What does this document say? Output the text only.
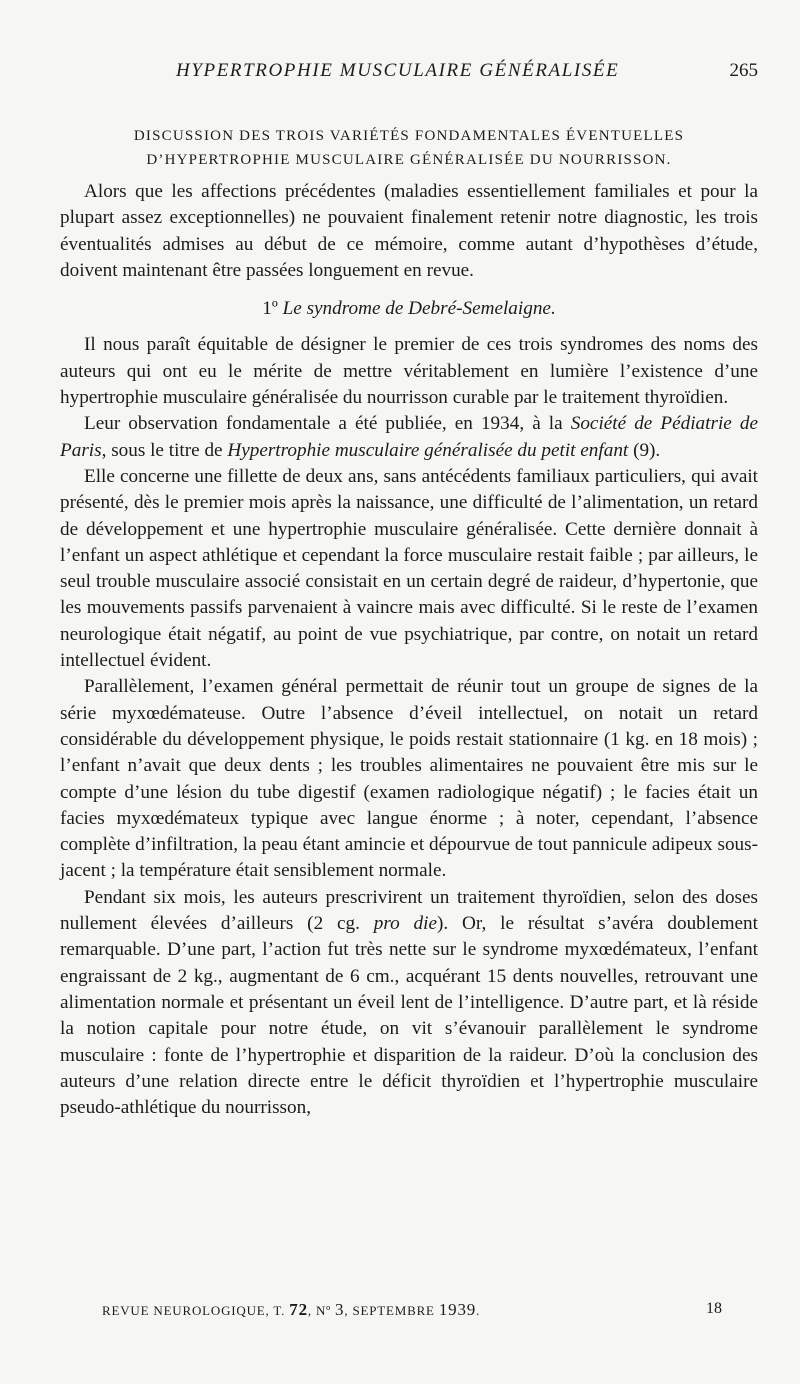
HYPERTROPHIE MUSCULAIRE GÉNÉRALISÉE	265
DISCUSSION DES TROIS VARIÉTÉS FONDAMENTALES ÉVENTUELLES
D’HYPERTROPHIE MUSCULAIRE GÉNÉRALISÉE DU NOURRISSON.

Alors que les affections précédentes (maladies essentiellement familiales et pour la plupart assez exceptionnelles) ne pouvaient finalement retenir notre diagnostic, les trois éventualités admises au début de ce mémoire, comme autant d’hypothèses d’étude, doivent maintenant être passées longuement en revue.

1º Le syndrome de Debré-Semelaigne.

Il nous paraît équitable de désigner le premier de ces trois syndromes des noms des auteurs qui ont eu le mérite de mettre véritablement en lumière l’existence d’une hypertrophie musculaire généralisée du nourrisson curable par le traitement thyroïdien.

Leur observation fondamentale a été publiée, en 1934, à la Société de Pédiatrie de Paris, sous le titre de Hypertrophie musculaire généralisée du petit enfant (9).

Elle concerne une fillette de deux ans, sans antécédents familiaux particuliers, qui avait présenté, dès le premier mois après la naissance, une difficulté de l’alimentation, un retard de développement et une hypertrophie musculaire généralisée. Cette dernière donnait à l’enfant un aspect athlétique et cependant la force musculaire restait faible ; par ailleurs, le seul trouble musculaire associé consistait en un certain degré de raideur, d’hypertonie, que les mouvements passifs parvenaient à vaincre mais avec difficulté. Si le reste de l’examen neurologique était négatif, au point de vue psychiatrique, par contre, on notait un retard intellectuel évident.

Parallèlement, l’examen général permettait de réunir tout un groupe de signes de la série myxœdémateuse. Outre l’absence d’éveil intellectuel, on notait un retard considérable du développement physique, le poids restait stationnaire (1 kg. en 18 mois) ; l’enfant n’avait que deux dents ; les troubles alimentaires ne pouvaient être mis sur le compte d’une lésion du tube digestif (examen radiologique négatif) ; le facies était un facies myxœdémateux typique avec langue énorme ; à noter, cependant, l’absence complète d’infiltration, la peau étant amincie et dépourvue de tout pannicule adipeux sous-jacent ; la température était sensiblement normale.

Pendant six mois, les auteurs prescrivirent un traitement thyroïdien, selon des doses nullement élevées d’ailleurs (2 cg. pro die). Or, le résultat s’avéra doublement remarquable. D’une part, l’action fut très nette sur le syndrome myxœdémateux, l’enfant engraissant de 2 kg., augmentant de 6 cm., acquérant 15 dents nouvelles, retrouvant une alimentation normale et présentant un éveil lent de l’intelligence. D’autre part, et là réside la notion capitale pour notre étude, on vit s’évanouir parallèlement le syndrome musculaire : fonte de l’hypertrophie et disparition de la raideur. D’où la conclusion des auteurs d’une relation directe entre le déficit thyroïdien et l’hypertrophie musculaire pseudo-athlétique du nourrisson,

REVUE NEUROLOGIQUE, T. 72, Nº 3, SEPTEMBRE 1939.	18
